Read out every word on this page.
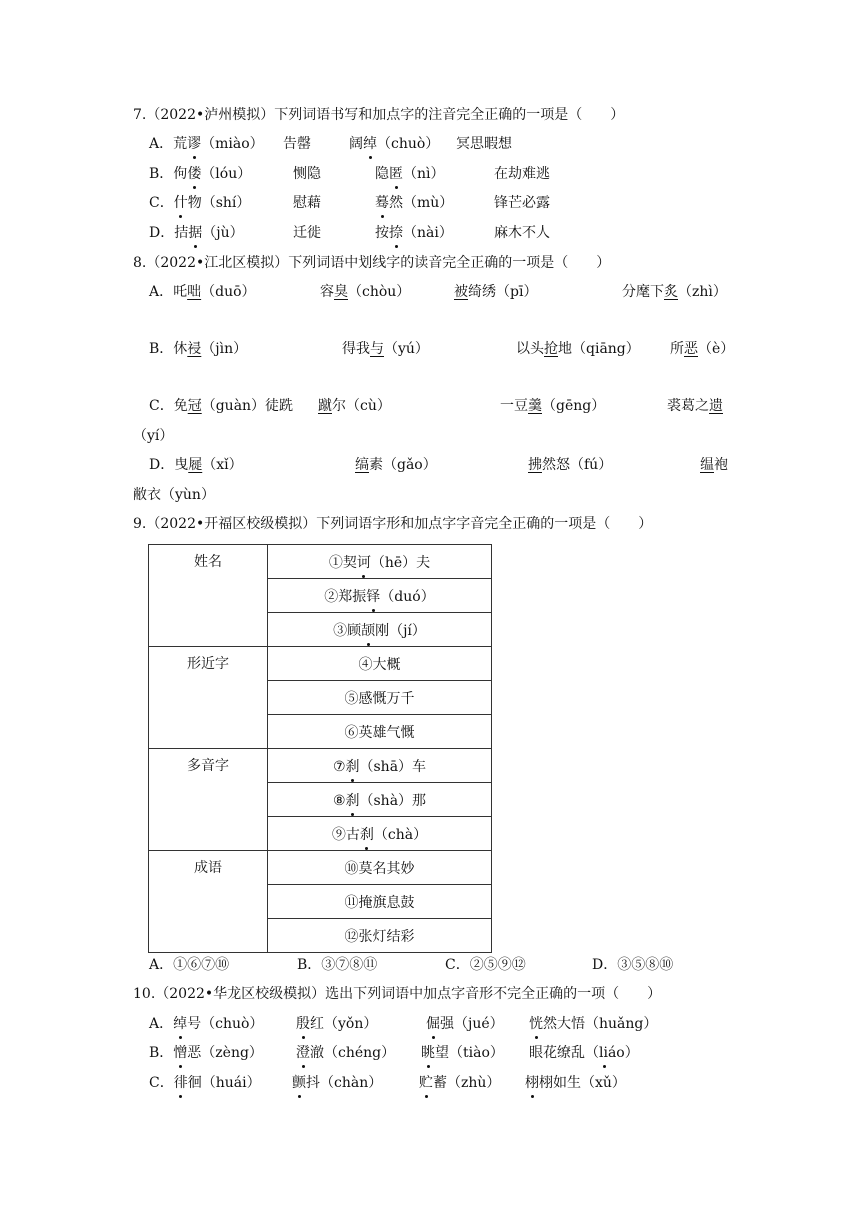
7.（2022•泸州模拟）下列词语书写和加点字的注音完全正确的一项是（　　）
A．荒谬（miào） 告罄	阔绰（chuò） 冥思暇想
B．佝偻（lóu）	恻隐	隐匿（nì）	在劫难逃
C．什物（shí）	慰藉	蓦然（mù）	锋芒必露
D．拮据（jù）	迁徙	按捺（nài）	麻木不人
8.（2022•江北区模拟）下列词语中划线字的读音完全正确的一项是（　　）
A．吒咄（duō）	容臭（chòu）	被绮绣（pī）	分麾下炙（zhì）
B．休祲（jìn）	得我与（yú）	以头抢地（qiāng） 所恶（è）
C．免冠（guàn）徒跣 蹴尔（cù）	一豆羹（gēng）	裘葛之遗
（yí）
D．曳屣（xǐ）	缟素（gǎo）	拂然怒（fú）	缊袍
敝衣（yùn）
9.（2022•开福区校级模拟）下列词语字形和加点字字音完全正确的一项是（　　）
姓名	①契诃（hē）夫
	②郑振铎（duó）
	③顾颉刚（jí）
形近字	④大概
	⑤感慨万千
	⑥英雄气慨
多音字	⑦刹（shā）车
	⑧刹（shà）那
	⑨古刹（chà）
成语	⑩莫名其妙
	⑪掩旗息鼓
	⑫张灯结彩
A．①⑥⑦⑩	B．③⑦⑧⑪	C．②⑤⑨⑫	D．③⑤⑧⑩
10.（2022•华龙区校级模拟）选出下列词语中加点字音形不完全正确的一项（　　）
A．绰号（chuò） 殷红（yǒn）	倔强（jué） 恍然大悟（huǎng）
B．憎恶（zèng） 澄澈（chéng） 眺望（tiào） 眼花缭乱（liáo）
C．徘徊（huái） 颤抖（chàn）	贮蓄（zhù） 栩栩如生（xǔ）
